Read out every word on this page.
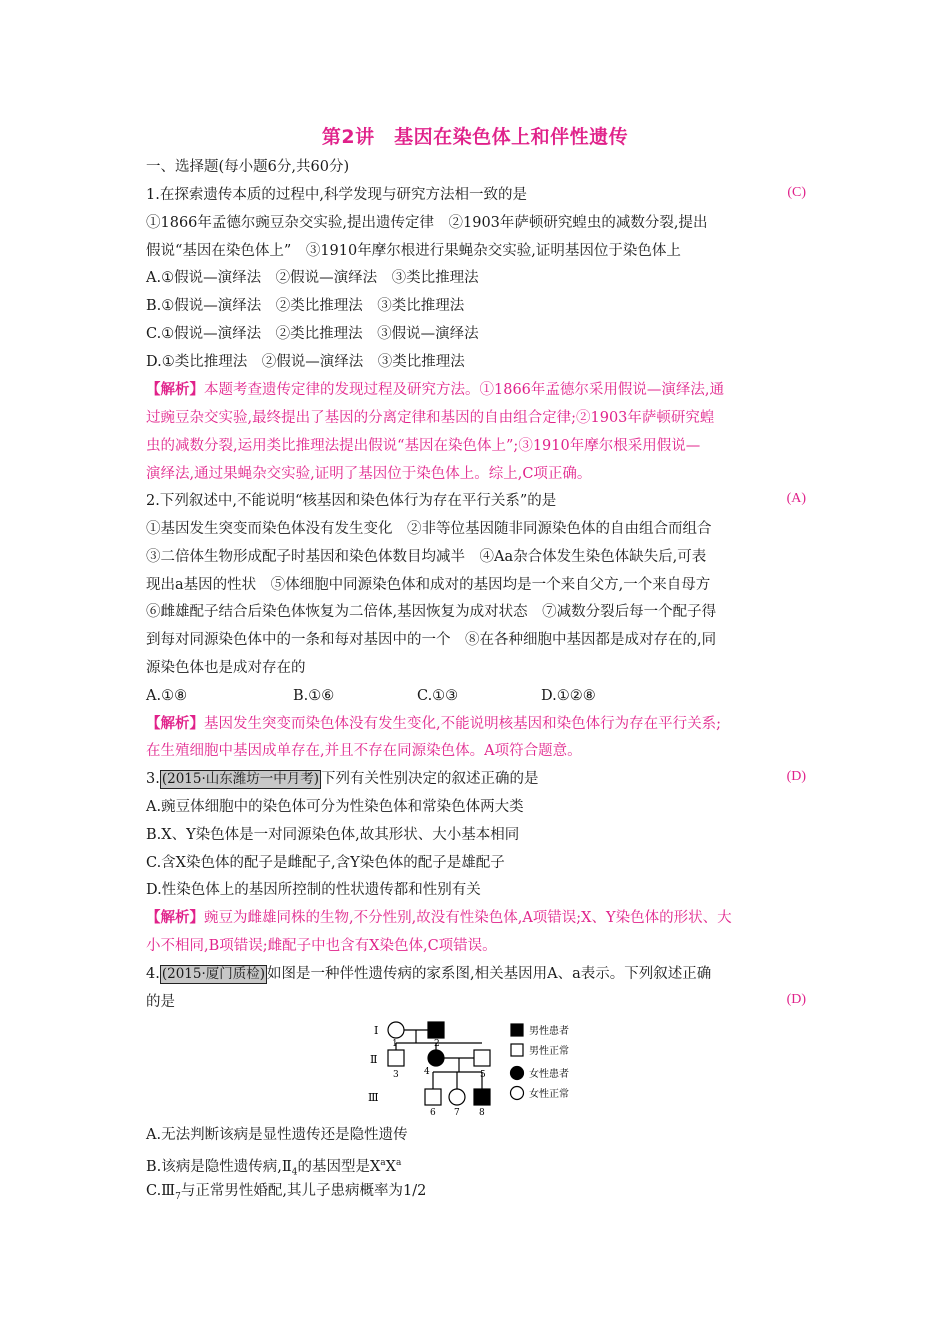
第2讲　基因在染色体上和伴性遗传
一、选择题(每小题6分,共60分)
1.在探索遗传本质的过程中,科学发现与研究方法相一致的是	(C)
①1866年孟德尔豌豆杂交实验,提出遗传定律　②1903年萨顿研究蝗虫的减数分裂,提出
假说“基因在染色体上”　③1910年摩尔根进行果蝇杂交实验,证明基因位于染色体上
A.①假说—演绎法　②假说—演绎法　③类比推理法
B.①假说—演绎法　②类比推理法　③类比推理法
C.①假说—演绎法　②类比推理法　③假说—演绎法
D.①类比推理法　②假说—演绎法　③类比推理法
【解析】本题考查遗传定律的发现过程及研究方法。①1866年孟德尔采用假说—演绎法,通
过豌豆杂交实验,最终提出了基因的分离定律和基因的自由组合定律;②1903年萨顿研究蝗
虫的减数分裂,运用类比推理法提出假说“基因在染色体上”;③1910年摩尔根采用假说—
演绎法,通过果蝇杂交实验,证明了基因位于染色体上。综上,C项正确。
2.下列叙述中,不能说明“核基因和染色体行为存在平行关系”的是	(A)
①基因发生突变而染色体没有发生变化　②非等位基因随非同源染色体的自由组合而组合
③二倍体生物形成配子时基因和染色体数目均减半　④Aa杂合体发生染色体缺失后,可表
现出a基因的性状　⑤体细胞中同源染色体和成对的基因均是一个来自父方,一个来自母方
⑥雌雄配子结合后染色体恢复为二倍体,基因恢复为成对状态　⑦减数分裂后每一个配子得
到每对同源染色体中的一条和每对基因中的一个　⑧在各种细胞中基因都是成对存在的,同
源染色体也是成对存在的
A.①⑧	B.①⑥	C.①③	D.①②⑧
【解析】基因发生突变而染色体没有发生变化,不能说明核基因和染色体行为存在平行关系;
在生殖细胞中基因成单存在,并且不存在同源染色体。A项符合题意。
3. (2015·山东潍坊一中月考) 下列有关性别决定的叙述正确的是	(D)
A.豌豆体细胞中的染色体可分为性染色体和常染色体两大类
B.X、Y染色体是一对同源染色体,故其形状、大小基本相同
C.含X染色体的配子是雌配子,含Y染色体的配子是雄配子
D.性染色体上的基因所控制的性状遗传都和性别有关
【解析】豌豆为雌雄同株的生物,不分性别,故没有性染色体,A项错误;X、Y染色体的形状、大
小不相同,B项错误;雌配子中也含有X染色体,C项错误。
4. (2015·厦门质检) 如图是一种伴性遗传病的家系图,相关基因用A、a表示。下列叙述正确
的是	(D)
Ⅰ
Ⅱ
Ⅲ
1	2
3	4	5
6 7 8
男性患者
男性正常
女性患者
女性正常
A.无法判断该病是显性遗传还是隐性遗传
B.该病是隐性遗传病$,Ⅱ_4$的基因型是$X^aX^a$
$C.Ⅲ_7$与正常男性婚配,其儿子患病概率为1/2
